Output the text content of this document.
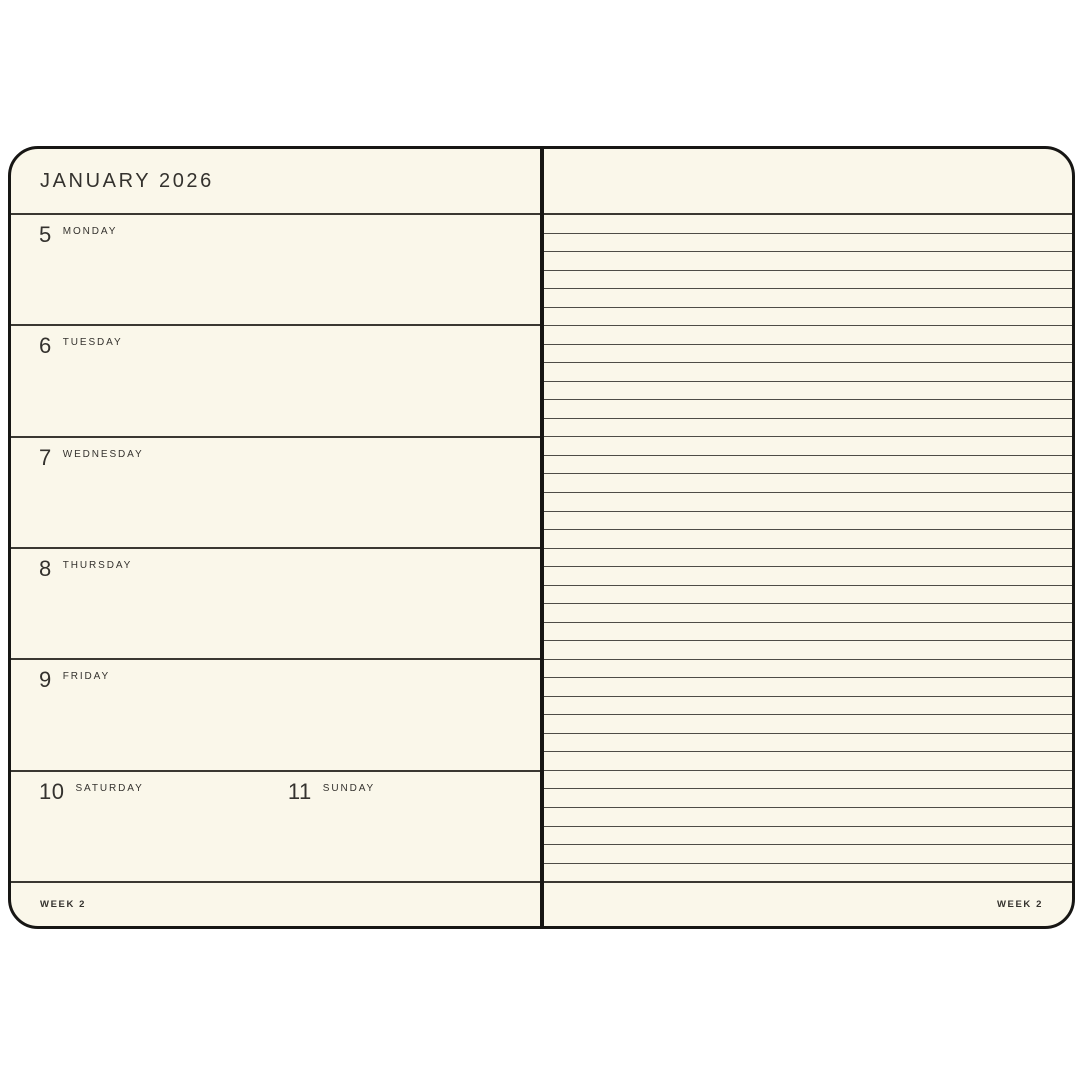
JANUARY 2026
5 MONDAY
6 TUESDAY
7 WEDNESDAY
8 THURSDAY
9 FRIDAY
10 SATURDAY	11 SUNDAY
WEEK 2	WEEK 2
